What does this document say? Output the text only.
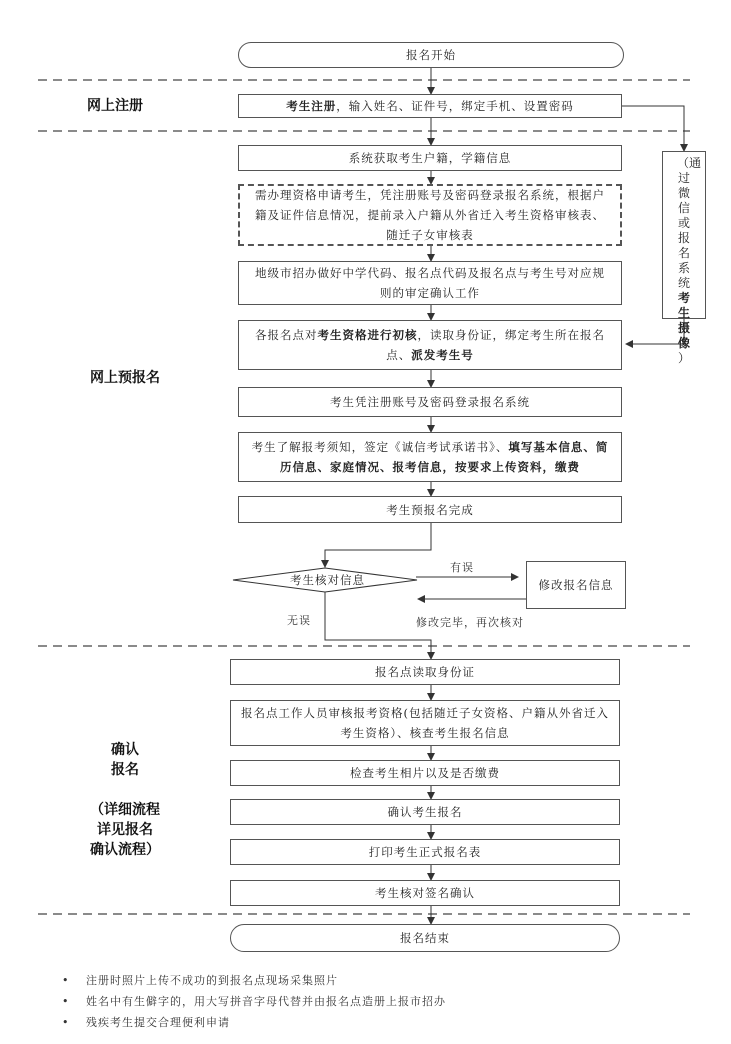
网上注册
网上预报名
确认
报名
（详细流程
详见报名
确认流程）
报名开始
考生注册，输入姓名、证件号，绑定手机、设置密码
系统获取考生户籍，学籍信息
需办理资格申请考生，凭注册账号及密码登录报名系统，根据户籍及证件信息情况，提前录入户籍从外省迁入考生资格审核表、随迁子女审核表
地级市招办做好中学代码、报名点代码及报名点与考生号对应规则的审定确认工作
各报名点对考生资格进行初核，读取身份证，绑定考生所在报名点、派发考生号
考生凭注册账号及密码登录报名系统
考生了解报考须知，签定《诚信考试承诺书》、填写基本信息、简历信息、家庭情况、报考信息，按要求上传资料，缴费
考生预报名完成
考生核对信息	修改报名信息
有误
修改完毕，再次核对
无误
报名点读取身份证
报名点工作人员审核报考资格(包括随迁子女资格、户籍从外省迁入考生资格）、核查考生报名信息
检查考生相片以及是否缴费
确认考生报名
打印考生正式报名表
考生核对签名确认
报名结束
（通过微信或报名系统
考生摄像
）
• 注册时照片上传不成功的到报名点现场采集照片
• 姓名中有生僻字的，用大写拼音字母代替并由报名点造册上报市招办
• 残疾考生提交合理便利申请
